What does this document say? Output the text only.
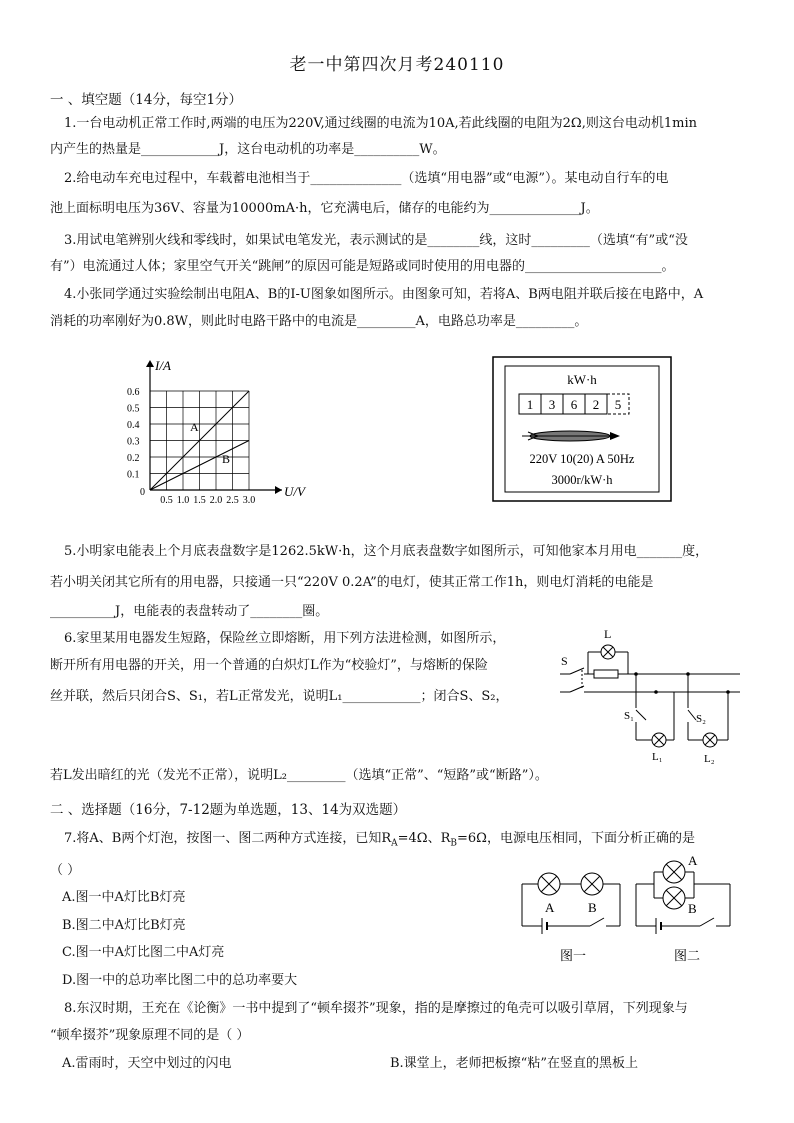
老一中第四次月考240110
一 、填空题（14分，每空1分）
1.一台电动机正常工作时,两端的电压为220V,通过线圈的电流为10A,若此线圈的电阻为2Ω,则这台电动机1min
内产生的热量是____________J，这台电动机的功率是__________W。
2.给电动车充电过程中，车载蓄电池相当于______________（选填“用电器”或“电源”）。某电动自行车的电
池上面标明电压为36V、容量为10000mA·h，它充满电后，储存的电能约为______________J。
3.用试电笔辨别火线和零线时，如果试电笔发光，表示测试的是________线，这时_________（选填“有”或“没
有”）电流通过人体；家里空气开关“跳闸”的原因可能是短路或同时使用的用电器的_____________________。
4.小张同学通过实验绘制出电阻A、B的I-U图象如图所示。由图象可知，若将A、B两电阻并联后接在电路中，A
消耗的功率刚好为0.8W，则此时电路干路中的电流是_________A，电路总功率是_________。
I/A
U/V
0
0.6
0.5
0.4
0.3
0.2
0.1
0.5 1.0 1.5 2.0 2.5 3.0
A
B
kW·h
1 3 6 2 5
220V 10(20) A 50Hz
3000r/kW·h
5.小明家电能表上个月底表盘数字是1262.5kW·h，这个月底表盘数字如图所示，可知他家本月用电_______度，
若小明关闭其它所有的用电器，只接通一只“220V 0.2A”的电灯，使其正常工作1h，则电灯消耗的电能是
__________J，电能表的表盘转动了________圈。
6.家里某用电器发生短路，保险丝立即熔断，用下列方法进检测，如图所示，
断开所有用电器的开关，用一个普通的白炽灯L作为“校验灯”，与熔断的保险
丝并联，然后只闭合S、S₁，若L正常发光，说明L₁____________；闭合S、S₂，
若L发出暗红的光（发光不正常），说明L₂_________（选填“正常”、“短路”或“断路”）。
L
S
S₁
L₁
S₂
L₂
二 、选择题（16分，7-12题为单选题，13、14为双选题）
7.将A、B两个灯泡，按图一、图二两种方式连接，已知$R_A=4\Omega$、$R_B=6\Omega$，电源电压相同，下面分析正确的是
（ ）
A.图一中A灯比B灯亮
B.图二中A灯比B灯亮
C.图一中A灯比图二中A灯亮
D.图一中的总功率比图二中的总功率要大
A	B
图一
A
B
图二
8.东汉时期，王充在《论衡》一书中提到了“顿牟掇芥”现象，指的是摩擦过的龟壳可以吸引草屑，下列现象与
“顿牟掇芥”现象原理不同的是（ ）
A.雷雨时，天空中划过的闪电	B.课堂上，老师把板擦“粘”在竖直的黑板上
